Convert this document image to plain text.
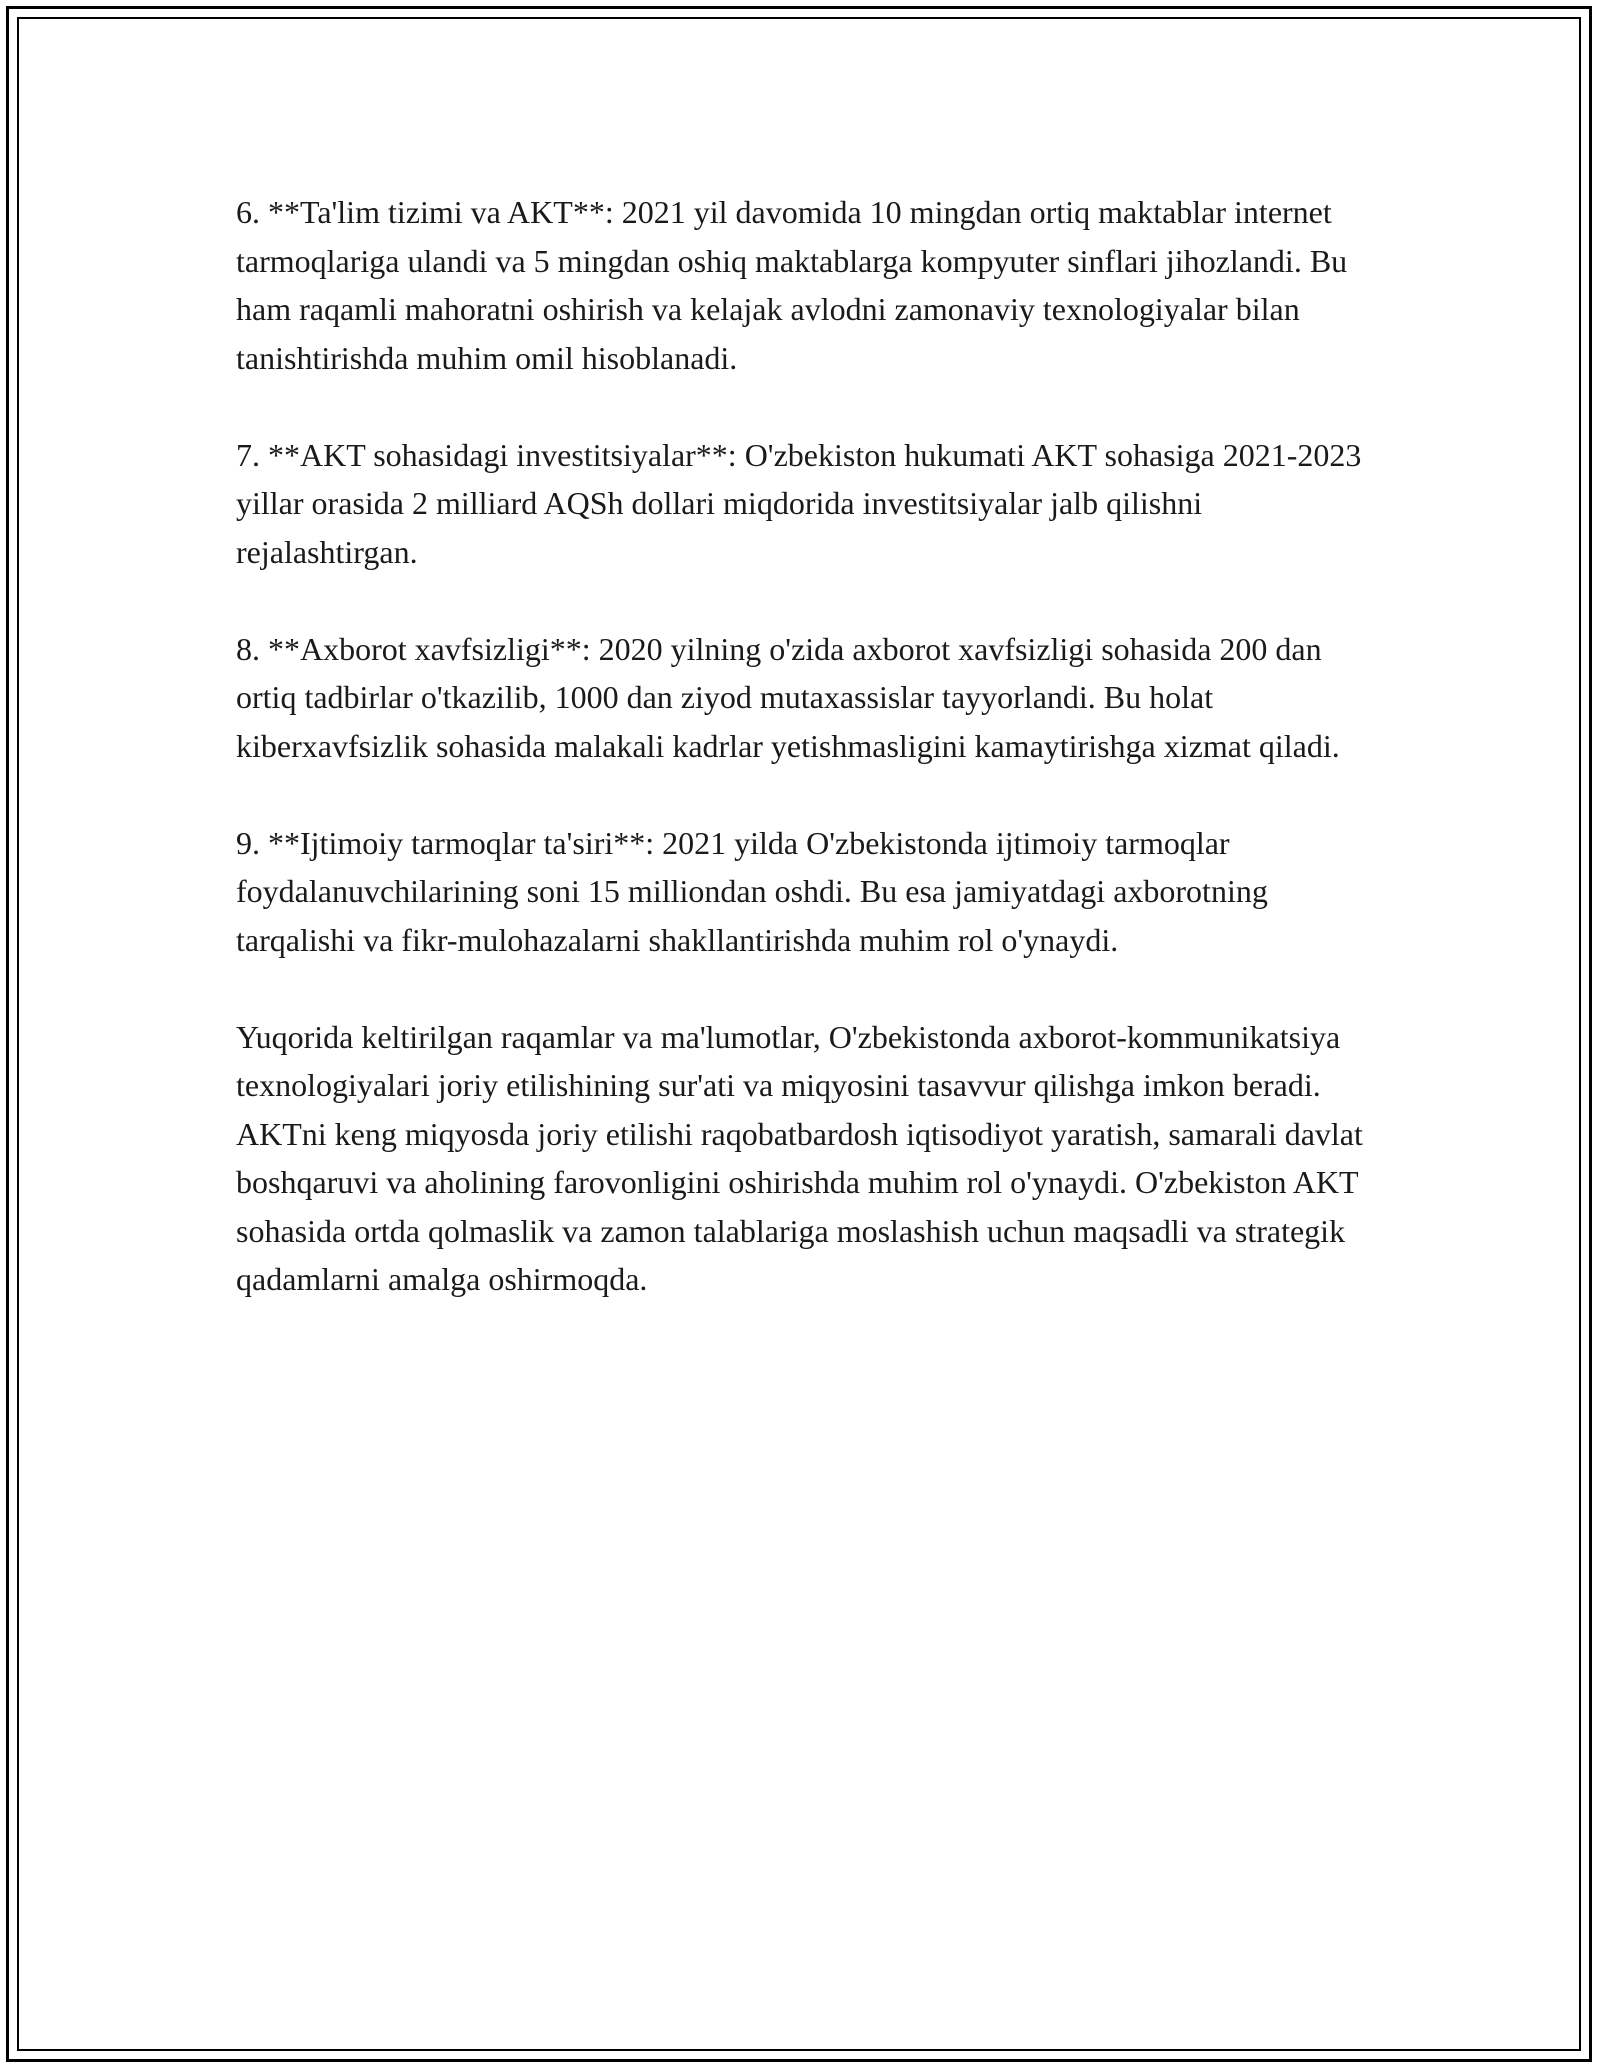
6. **Ta'lim tizimi va AKT**: 2021 yil davomida 10 mingdan ortiq maktablar internet tarmoqlariga ulandi va 5 mingdan oshiq maktablarga kompyuter sinflari jihozlandi. Bu ham raqamli mahoratni oshirish va kelajak avlodni zamonaviy texnologiyalar bilan tanishtirishda muhim omil hisoblanadi.

7. **AKT sohasidagi investitsiyalar**: O'zbekiston hukumati AKT sohasiga 2021-2023 yillar orasida 2 milliard AQSh dollari miqdorida investitsiyalar jalb qilishni rejalashtirgan.

8. **Axborot xavfsizligi**: 2020 yilning o'zida axborot xavfsizligi sohasida 200 dan ortiq tadbirlar o'tkazilib, 1000 dan ziyod mutaxassislar tayyorlandi. Bu holat kiberxavfsizlik sohasida malakali kadrlar yetishmasligini kamaytirishga xizmat qiladi.

9. **Ijtimoiy tarmoqlar ta'siri**: 2021 yilda O'zbekistonda ijtimoiy tarmoqlar foydalanuvchilarining soni 15 milliondan oshdi. Bu esa jamiyatdagi axborotning tarqalishi va fikr-mulohazalarni shakllantirishda muhim rol o'ynaydi.

Yuqorida keltirilgan raqamlar va ma'lumotlar, O'zbekistonda axborot-kommunikatsiya texnologiyalari joriy etilishining sur'ati va miqyosini tasavvur qilishga imkon beradi. AKTni keng miqyosda joriy etilishi raqobatbardosh iqtisodiyot yaratish, samarali davlat boshqaruvi va aholining farovonligini oshirishda muhim rol o'ynaydi. O'zbekiston AKT sohasida ortda qolmaslik va zamon talablariga moslashish uchun maqsadli va strategik qadamlarni amalga oshirmoqda.
